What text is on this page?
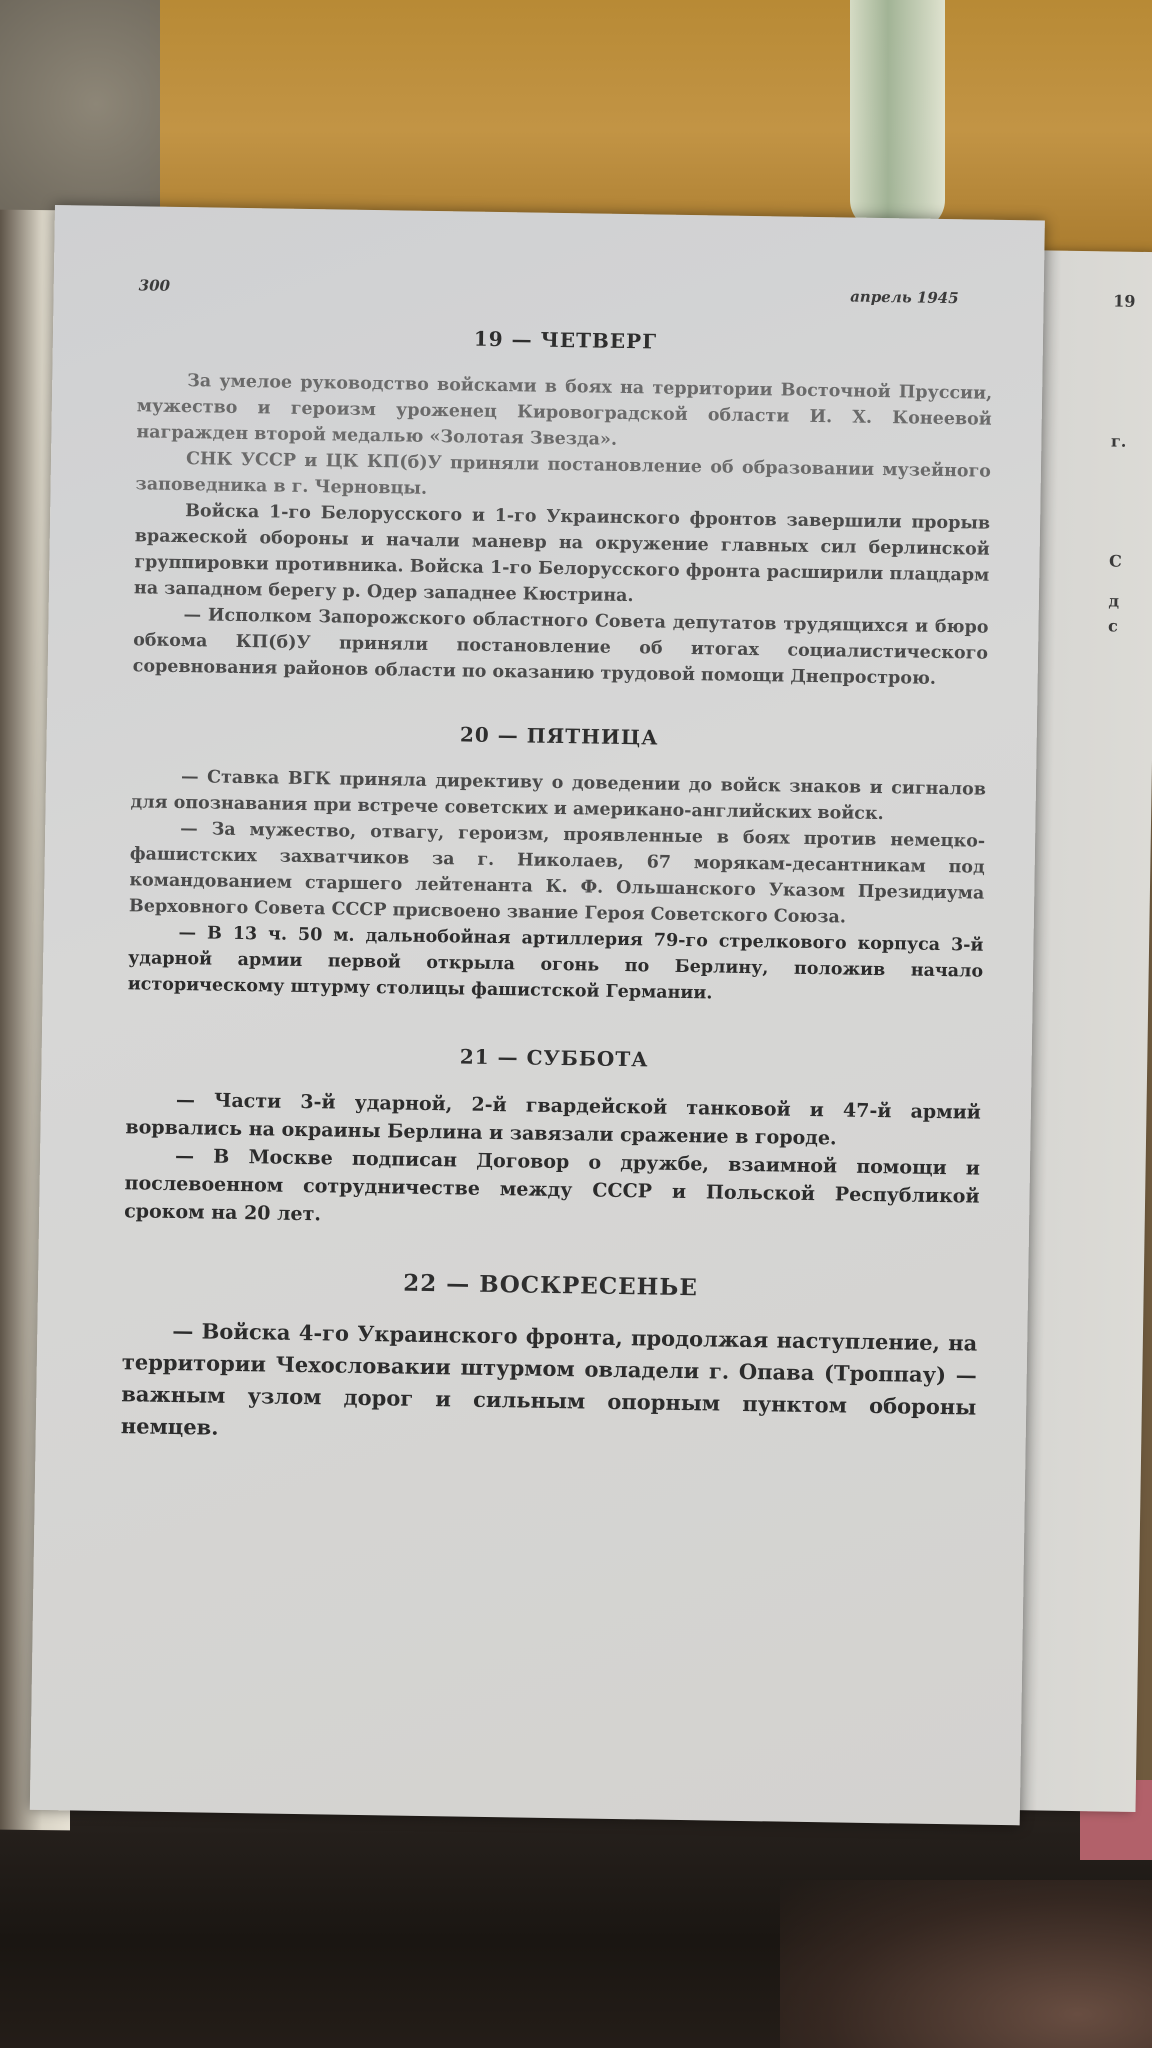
19
г.
С
д
с
300
апрель 1945
19 — ЧЕТВЕРГ

За умелое руководство войсками в боях на территории Восточной Пруссии, мужество и героизм уроженец Кировоградской области И. Х. Конеевой награжден второй медалью «Золотая Звезда».

СНК УССР и ЦК КП(б)У приняли постановление об образовании музейного заповедника в г. Черновцы.

Войска 1-го Белорусского и 1-го Украинского фронтов завершили прорыв вражеской обороны и начали маневр на окружение главных сил берлинской группировки противника. Войска 1-го Белорусского фронта расширили плацдарм на западном берегу р. Одер западнее Кюстрина.

— Исполком Запорожского областного Совета депутатов трудящихся и бюро обкома КП(б)У приняли постановление об итогах социалистического соревнования районов области по оказанию трудовой помощи Днепрострою.

20 — ПЯТНИЦА

— Ставка ВГК приняла директиву о доведении до войск знаков и сигналов для опознавания при встрече советских и американо-английских войск.

— За мужество, отвагу, героизм, проявленные в боях против немецко-фашистских захватчиков за г. Николаев, 67 морякам-десантникам под командованием старшего лейтенанта К. Ф. Ольшанского Указом Президиума Верховного Совета СССР присвоено звание Героя Советского Союза.

— В 13 ч. 50 м. дальнобойная артиллерия 79-го стрелкового корпуса 3-й ударной армии первой открыла огонь по Берлину, положив начало историческому штурму столицы фашистской Германии.

21 — СУББОТА

— Части 3-й ударной, 2-й гвардейской танковой и 47-й армий ворвались на окраины Берлина и завязали сражение в городе.

— В Москве подписан Договор о дружбе, взаимной помощи и послевоенном сотрудничестве между СССР и Польской Республикой сроком на 20 лет.

22 — ВОСКРЕСЕНЬЕ

— Войска 4-го Украинского фронта, продолжая наступление, на территории Чехословакии штурмом овладели г. Опава (Троппау) — важным узлом дорог и сильным опорным пунктом обороны немцев.
